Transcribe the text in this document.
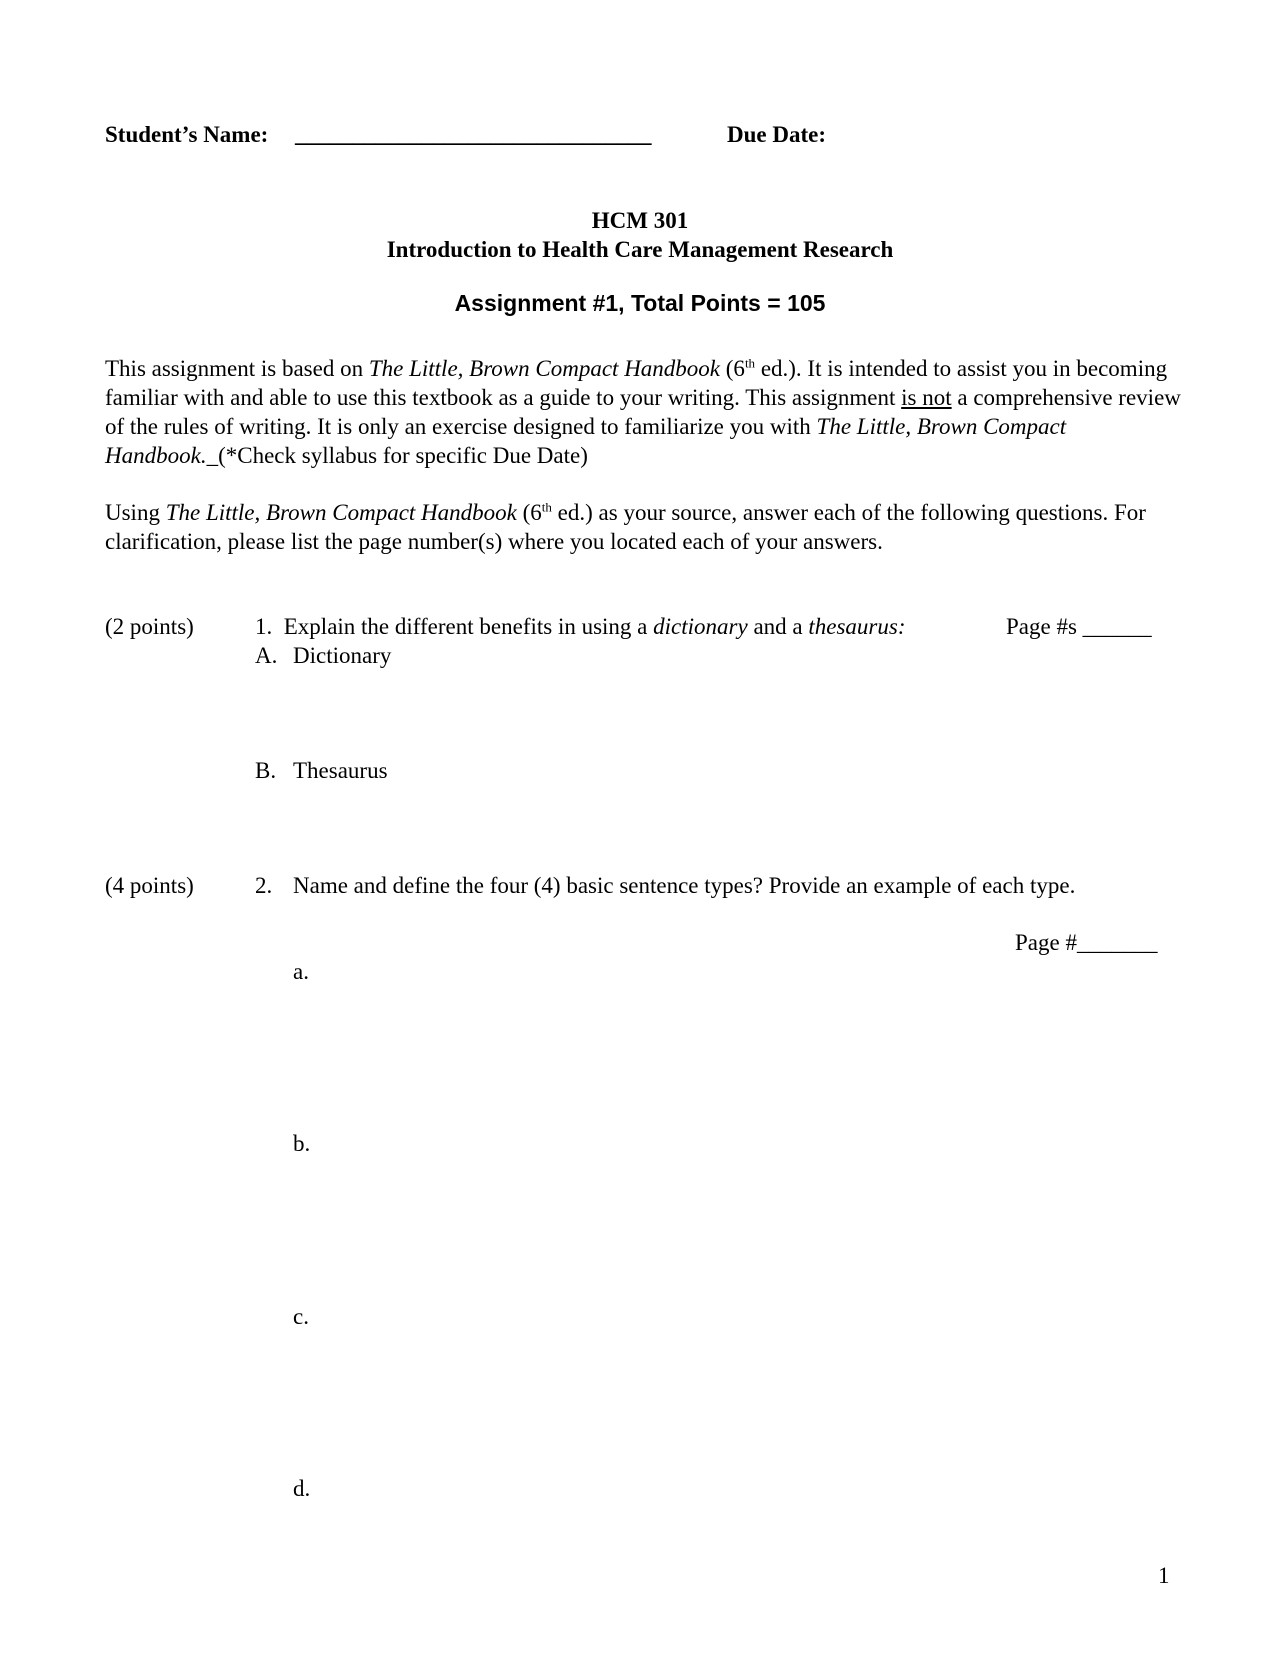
Student’s Name: _______________________________	Due Date:
HCM 301
Introduction to Health Care Management Research
Assignment #1, Total Points = 105

This assignment is based on The Little, Brown Compact Handbook (6th ed.). It is intended to assist you in becoming familiar with and able to use this textbook as a guide to your writing. This assignment is not a comprehensive review of the rules of writing. It is only an exercise designed to familiarize you with The Little, Brown Compact Handbook._(*Check syllabus for specific Due Date)

Using The Little, Brown Compact Handbook (6th ed.) as your source, answer each of the following questions. For clarification, please list the page number(s) where you located each of your answers.

(2 points)	1. Explain the different benefits in using a dictionary and a thesaurus:	Page #s ______
A. Dictionary
B. Thesaurus
(4 points)	2. Name and define the four (4) basic sentence types? Provide an example of each type.
Page #_______
a.
b.
c.
d.
1
